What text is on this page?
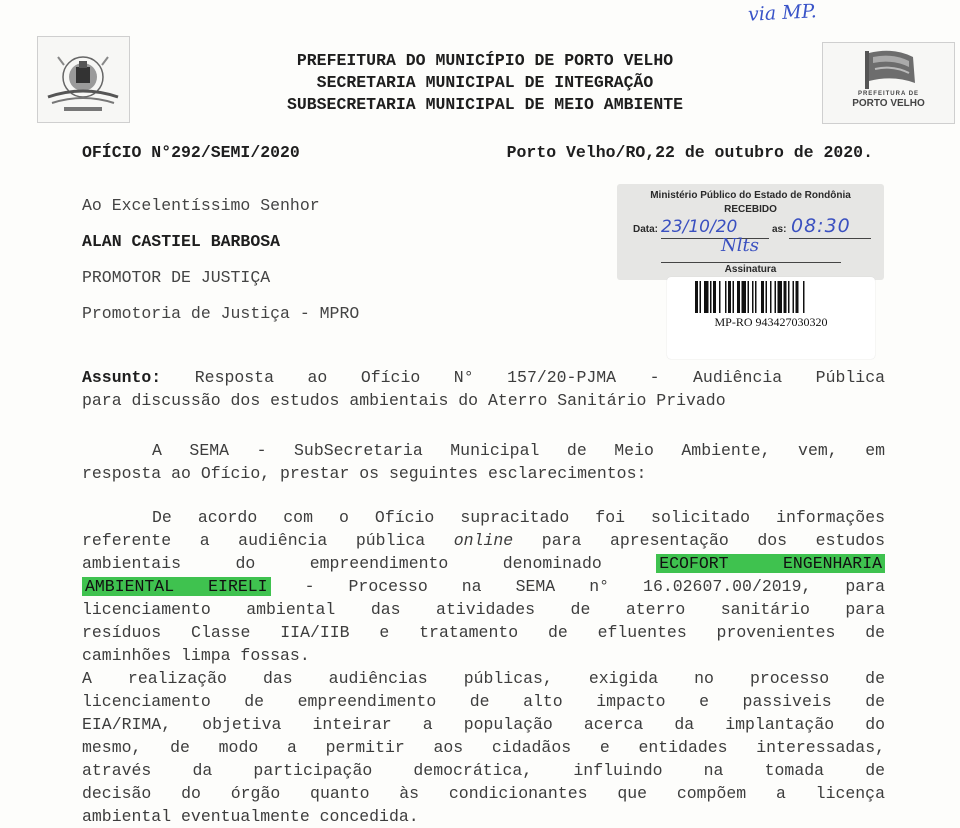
PREFEITURA DE
PORTO VELHO
via MP.
PREFEITURA DO MUNICÍPIO DE PORTO VELHO
SECRETARIA MUNICIPAL DE INTEGRAÇÃO
SUBSECRETARIA MUNICIPAL DE MEIO AMBIENTE
OFÍCIO N°292/SEMI/2020	Porto Velho/RO,22 de outubro de 2020.
Ao Excelentíssimo Senhor
ALAN CASTIEL BARBOSA
PROMOTOR DE JUSTIÇA
Promotoria de Justiça - MPRO
Ministério Público do Estado de Rondônia
RECEBIDO
Data: 23/10/20	as: 08:30
Nlts
Assinatura
MP-RO 943427030320
Assunto: Resposta ao Ofício N° 157/20-PJMA - Audiência Pública
para discussão dos estudos ambientais do Aterro Sanitário Privado
A SEMA - SubSecretaria Municipal de Meio Ambiente, vem, em
resposta ao Ofício, prestar os seguintes esclarecimentos:
De acordo com o Ofício supracitado foi solicitado informações
referente a audiência pública online para apresentação dos estudos
ambientais do empreendimento denominado	ECOFORT ENGENHARIA
AMBIENTAL EIRELI - Processo na SEMA n° 16.02607.00/2019, para
licenciamento ambiental das atividades de aterro sanitário para
resíduos Classe IIA/IIB e tratamento de efluentes provenientes de
caminhões limpa fossas.
A realização das audiências públicas, exigida no processo de
licenciamento de empreendimento de alto impacto e passiveis de
EIA/RIMA, objetiva inteirar a população acerca da implantação do
mesmo, de modo a permitir aos cidadãos e entidades interessadas,
através da participação democrática, influindo na tomada de
decisão do órgão quanto às condicionantes que compõem a licença
ambiental eventualmente concedida.
